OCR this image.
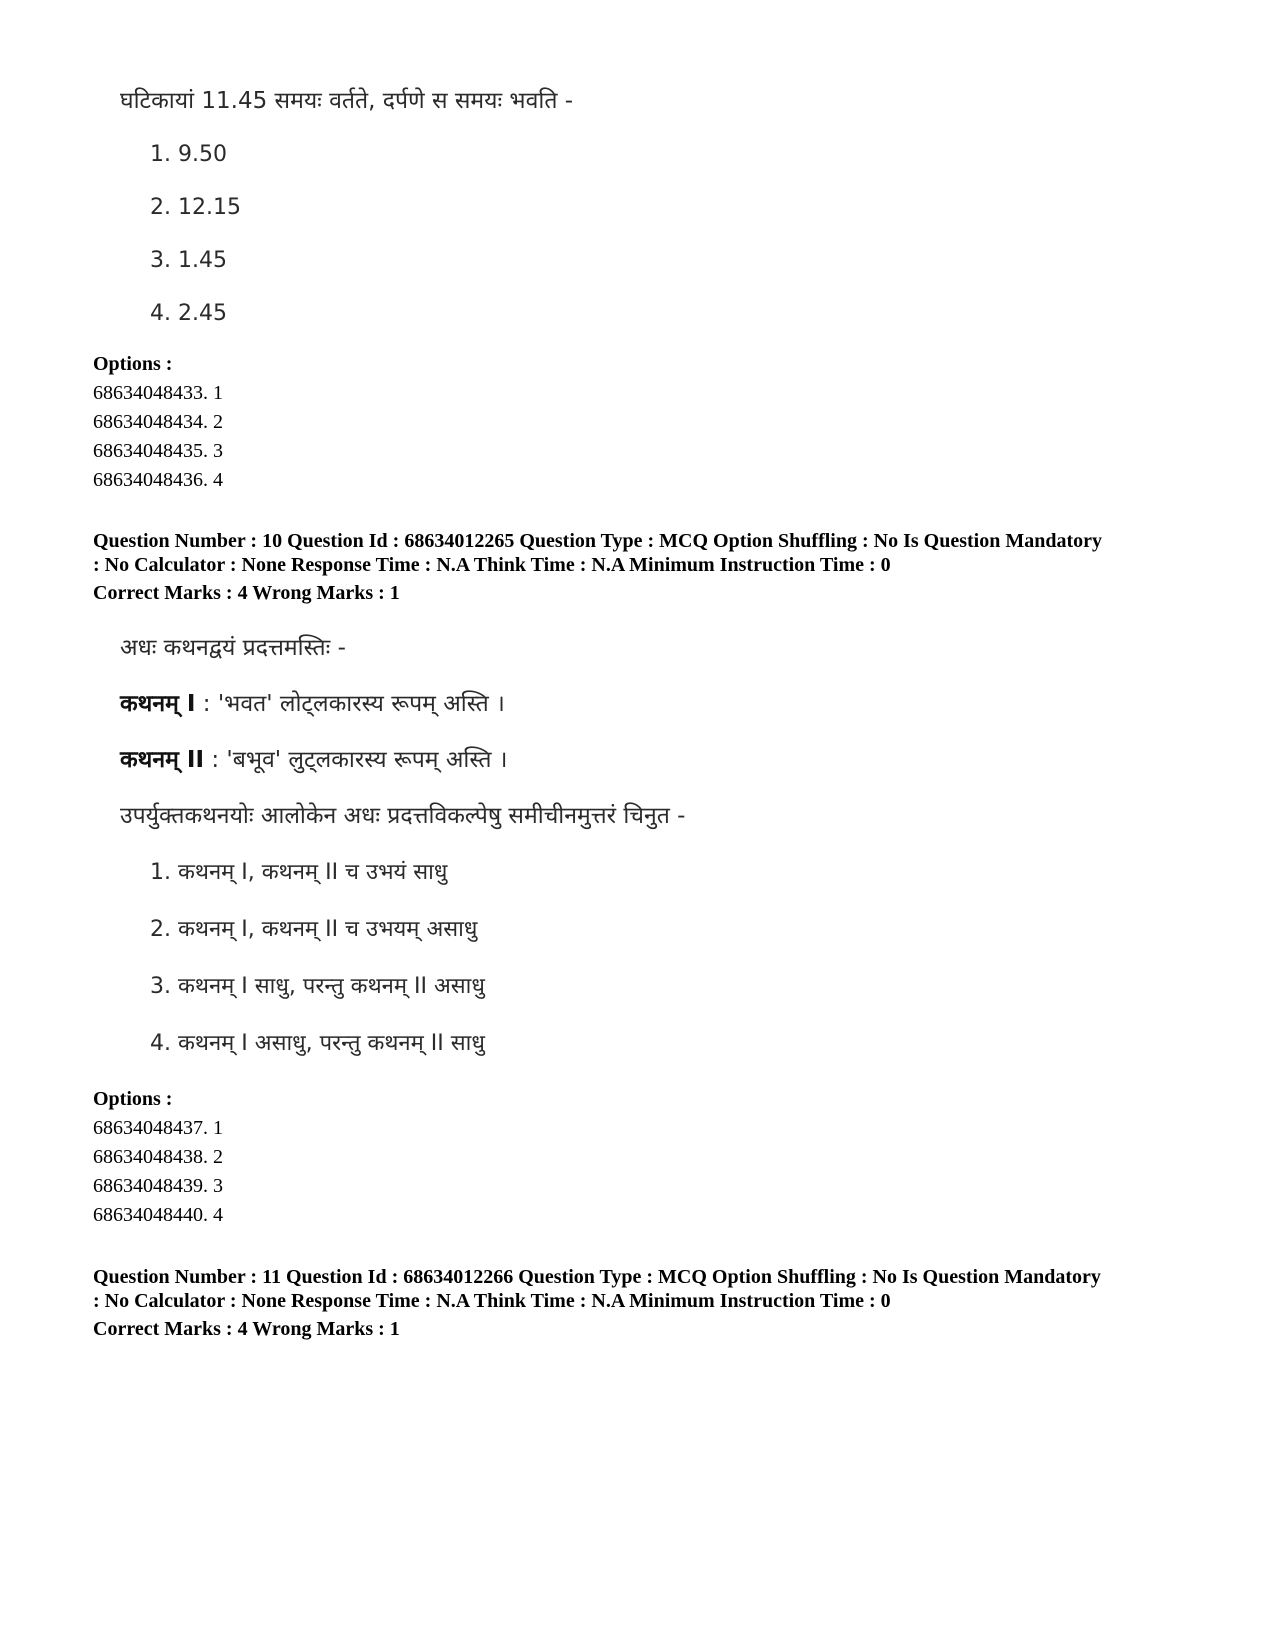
घटिकायां 11.45 समयः वर्तते, दर्पणे स समयः भवति -
1. 9.50
2. 12.15
3. 1.45
4. 2.45
Options :
68634048433. 1
68634048434. 2
68634048435. 3
68634048436. 4
Question Number : 10 Question Id : 68634012265 Question Type : MCQ Option Shuffling : No Is Question Mandatory
: No Calculator : None Response Time : N.A Think Time : N.A Minimum Instruction Time : 0
Correct Marks : 4 Wrong Marks : 1
अधः कथनद्वयं प्रदत्तमस्तिः -
कथनम् I : 'भवत' लोट्लकारस्य रूपम् अस्ति ।
कथनम् II : 'बभूव' लुट्लकारस्य रूपम् अस्ति ।
उपर्युक्तकथनयोः आलोकेन अधः प्रदत्तविकल्पेषु समीचीनमुत्तरं चिनुत -
1. कथनम् I, कथनम् II च उभयं साधु
2. कथनम् I, कथनम् II च उभयम् असाधु
3. कथनम् I साधु, परन्तु कथनम् II असाधु
4. कथनम् I असाधु, परन्तु कथनम् II साधु
Options :
68634048437. 1
68634048438. 2
68634048439. 3
68634048440. 4
Question Number : 11 Question Id : 68634012266 Question Type : MCQ Option Shuffling : No Is Question Mandatory
: No Calculator : None Response Time : N.A Think Time : N.A Minimum Instruction Time : 0
Correct Marks : 4 Wrong Marks : 1
